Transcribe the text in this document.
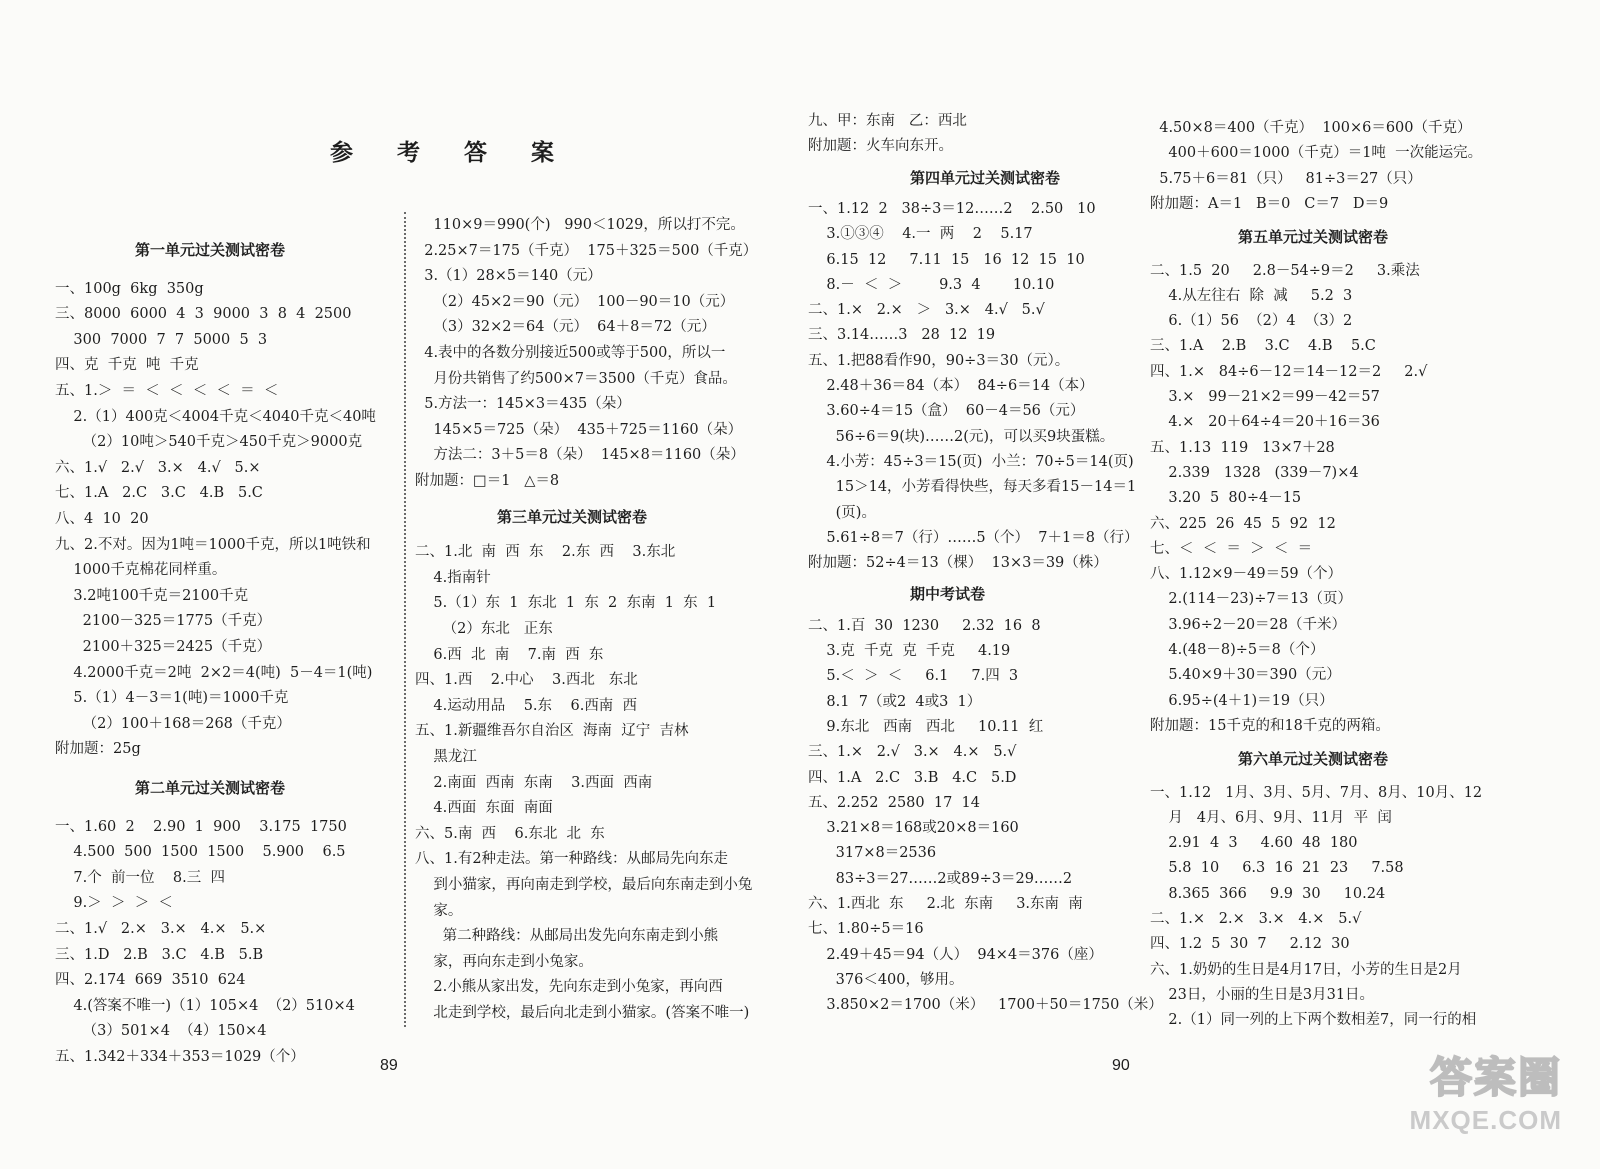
参 考 答 案
第一单元过关测试密卷
一、100g  6kg  350g
三、8000  6000  4  3  9000  3  8  4  2500
300  7000  7  7  5000  5  3
四、克  千克  吨  千克
五、1.＞  ＝  ＜  ＜  ＜  ＜  ＝  ＜
2.（1）400克＜4004千克＜4040千克＜40吨
（2）10吨＞540千克＞450千克＞9000克
六、1.√   2.√   3.×   4.√   5.×
七、1.A   2.C   3.C   4.B   5.C
八、4  10  20
九、2.不对。因为1吨＝1000千克，所以1吨铁和
1000千克棉花同样重。
3.2吨100千克＝2100千克
2100－325＝1775（千克）
2100＋325＝2425（千克）
4.2000千克＝2吨  2×2＝4(吨)  5－4＝1(吨)
5.（1）4－3＝1(吨)＝1000千克
（2）100＋168＝268（千克）
附加题：25g
第二单元过关测试密卷
一、1.60  2    2.90  1  900    3.175  1750
4.500  500  1500  1500    5.900    6.5
7.个  前一位    8.三  四
9.＞  ＞  ＞  ＜
二、1.√   2.×   3.×   4.×   5.×
三、1.D   2.B   3.C   4.B   5.B
四、2.174  669  3510  624
4.(答案不唯一)（1）105×4  （2）510×4
（3）501×4  （4）150×4
五、1.342＋334＋353＝1029（个）
110×9＝990(个)   990＜1029，所以打不完。
2.25×7＝175（千克）  175＋325＝500（千克）
3.（1）28×5＝140（元）
（2）45×2＝90（元）  100－90＝10（元）
（3）32×2＝64（元）  64＋8＝72（元）
4.表中的各数分别接近500或等于500，所以一
月份共销售了约500×7＝3500（千克）食品。
5.方法一：145×3＝435（朵）
145×5＝725（朵）  435＋725＝1160（朵）
方法二：3＋5＝8（朵）  145×8＝1160（朵）
附加题：□＝1   △＝8
第三单元过关测试密卷
二、1.北  南  西  东    2.东  西    3.东北
4.指南针
5.（1）东  1  东北  1  东  2  东南  1  东  1
（2）东北   正东
6.西  北  南    7.南  西  东
四、1.西    2.中心    3.西北   东北
4.运动用品    5.东    6.西南  西
五、1.新疆维吾尔自治区  海南  辽宁  吉林
黑龙江
2.南面  西南  东南    3.西面  西南
4.西面  东面  南面
六、5.南  西    6.东北  北  东
八、1.有2种走法。第一种路线：从邮局先向东走
到小猫家，再向南走到学校，最后向东南走到小兔
家。
第二种路线：从邮局出发先向东南走到小熊
家，再向东走到小兔家。
2.小熊从家出发，先向东走到小兔家，再向西
北走到学校，最后向北走到小猫家。(答案不唯一)
九、甲：东南   乙：西北
附加题：火车向东开。
第四单元过关测试密卷
一、1.12  2   38÷3＝12……2    2.50   10
3.①③④    4.一  两    2    5.17
6.15  12     7.11  15   16  12  15  10
8.－  ＜  ＞        9.3  4       10.10
二、1.×   2.×   ＞   3.×   4.√   5.√
三、3.14……3   28  12  19
五、1.把88看作90，90÷3＝30（元）。
2.48＋36＝84（本）  84÷6＝14（本）
3.60÷4＝15（盒）  60－4＝56（元）
56÷6＝9(块)……2(元)，可以买9块蛋糕。
4.小芳：45÷3＝15(页)  小兰：70÷5＝14(页)
15＞14，小芳看得快些，每天多看15－14＝1
(页)。
5.61÷8＝7（行）……5（个）  7＋1＝8（行）
附加题：52÷4＝13（棵）  13×3＝39（株）
期中考试卷
二、1.百  30  1230     2.32  16  8
3.克  千克  克  千克     4.19
5.＜  ＞  ＜     6.1     7.四  3
8.1  7（或2  4或3  1）
9.东北   西南   西北     10.11  红
三、1.×   2.√   3.×   4.×   5.√
四、1.A   2.C   3.B   4.C   5.D
五、2.252  2580  17  14
3.21×8＝168或20×8＝160
317×8＝2536
83÷3＝27……2或89÷3＝29……2
六、1.西北  东     2.北  东南     3.东南  南
七、1.80÷5＝16
2.49＋45＝94（人）  94×4＝376（座）
376＜400，够用。
3.850×2＝1700（米）   1700＋50＝1750（米）
4.50×8＝400（千克）  100×6＝600（千克）
400＋600＝1000（千克）＝1吨  一次能运完。
5.75＋6＝81（只）   81÷3＝27（只）
附加题：A＝1   B＝0   C＝7   D＝9
第五单元过关测试密卷
二、1.5  20     2.8－54÷9＝2     3.乘法
4.从左往右  除  减     5.2  3
6.（1）56  （2）4  （3）2
三、1.A    2.B    3.C    4.B    5.C
四、1.×   84÷6－12＝14－12＝2     2.√
3.×   99－21×2＝99－42＝57
4.×   20＋64÷4＝20＋16＝36
五、1.13  119   13×7＋28
2.339   1328   (339－7)×4
3.20  5  80÷4－15
六、225  26  45  5  92  12
七、＜  ＜  ＝  ＞  ＜  ＝
八、1.12×9－49＝59（个）
2.(114－23)÷7＝13（页）
3.96÷2－20＝28（千米）
4.(48－8)÷5＝8（个）
5.40×9＋30＝390（元）
6.95÷(4＋1)＝19（只）
附加题：15千克的和18千克的两箱。
第六单元过关测试密卷
一、1.12   1月、3月、5月、7月、8月、10月、12
月   4月、6月、9月、11月  平  闰
2.91  4  3     4.60  48  180
5.8  10     6.3  16  21  23     7.58
8.365  366     9.9  30     10.24
二、1.×   2.×   3.×   4.×   5.√
四、1.2  5  30  7     2.12  30
六、1.奶奶的生日是4月17日，小芳的生日是2月
23日，小丽的生日是3月31日。
2.（1）同一列的上下两个数相差7，同一行的相
89	90	答案圈
MXQE.COM
